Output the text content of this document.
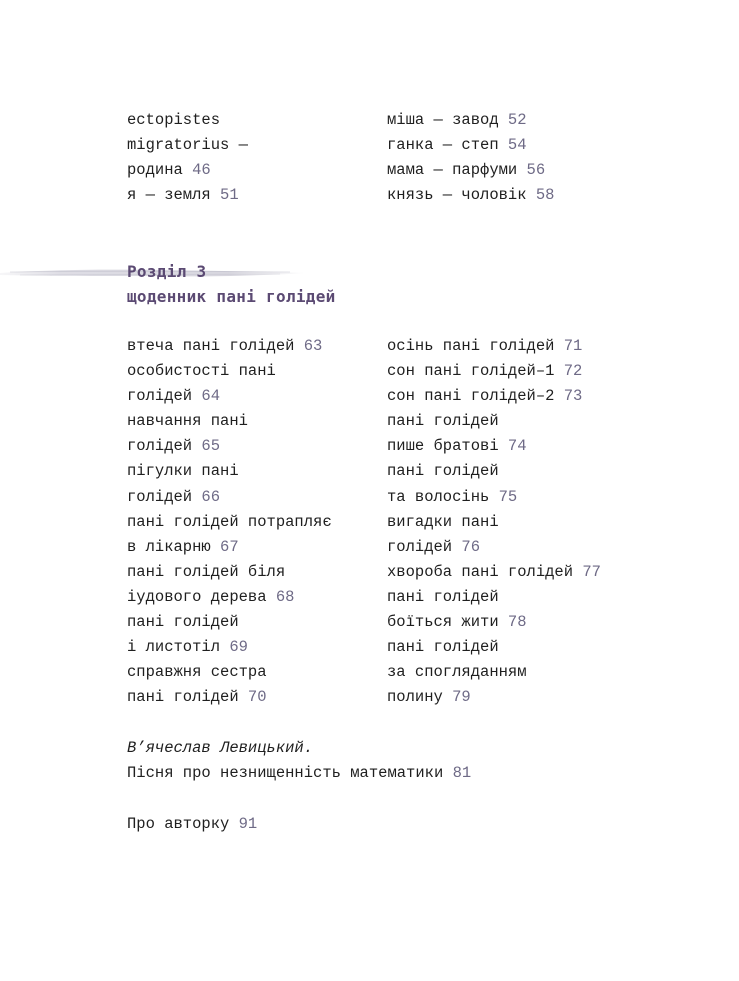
ectopistes
migratorius —
родина 46
я — земля 51
міша — завод 52
ганка — степ 54
мама — парфуми 56
князь — чоловік 58
Розділ 3
щоденник пані голідей
втеча пані голідей 63
особистості пані
голідей 64
навчання пані
голідей 65
пігулки пані
голідей 66
пані голідей потрапляє
в лікарню 67
пані голідей біля
іудового дерева 68
пані голідей
і листотіл 69
справжня сестра
пані голідей 70
осінь пані голідей 71
сон пані голідей–1 72
сон пані голідей–2 73
пані голідей
пише братові 74
пані голідей
та волосінь 75
вигадки пані
голідей 76
хвороба пані голідей 77
пані голідей
боїться жити 78
пані голідей
за споглядання​м
полину 79
В’ячеслав Левицький.
Пісня про незнищенність математики 81
Про авторку 91
